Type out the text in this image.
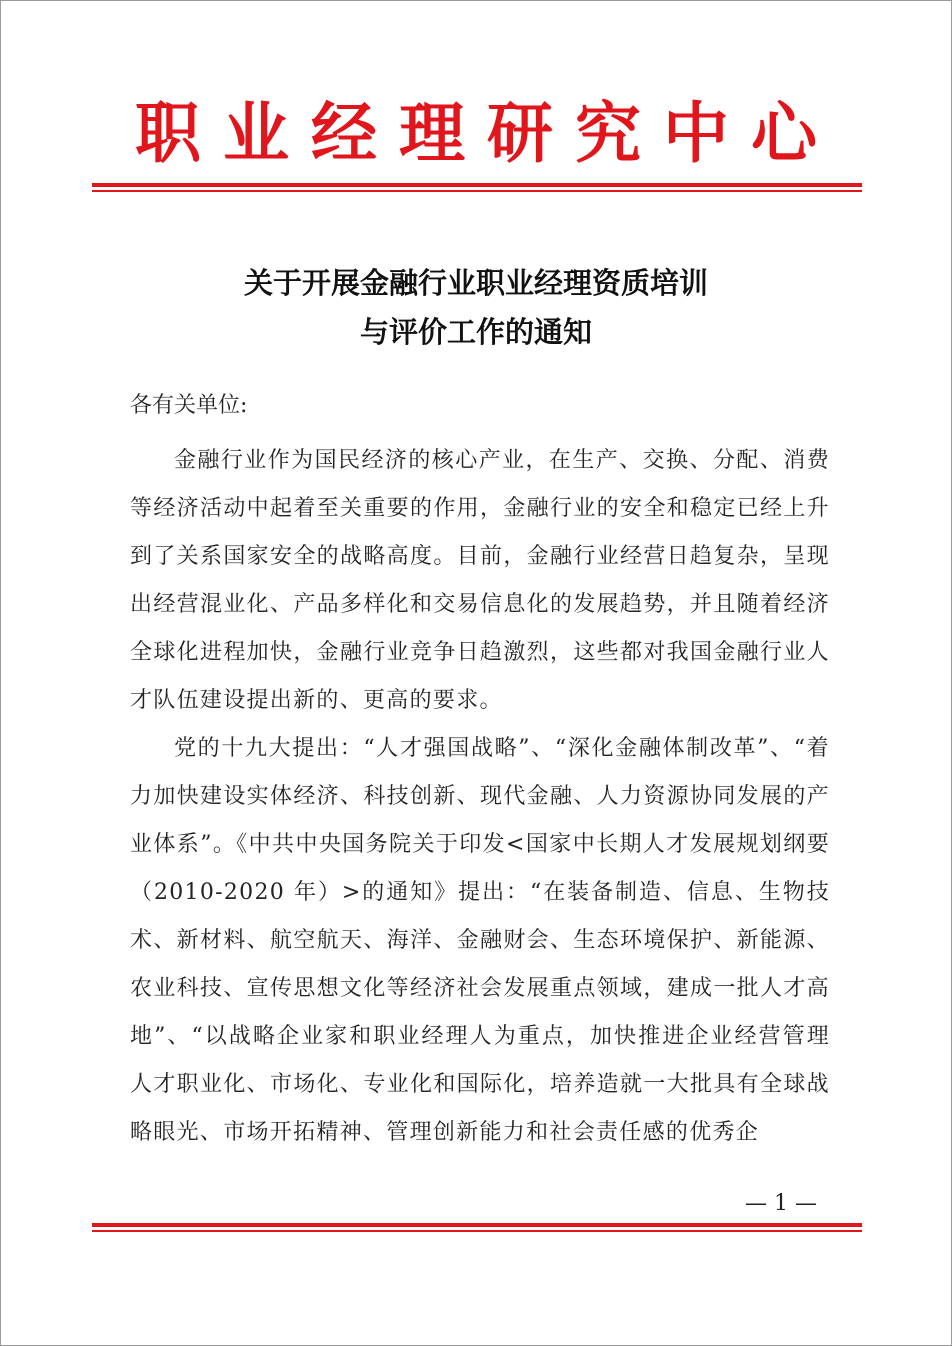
职业经理研究中心
关于开展金融行业职业经理资质培训
与评价工作的通知
各有关单位:

金融行业作为国民经济的核心产业，在生产、交换、分配、消费等经济活动中起着至关重要的作用，金融行业的安全和稳定已经上升到了关系国家安全的战略高度。目前，金融行业经营日趋复杂，呈现出经营混业化、产品多样化和交易信息化的发展趋势，并且随着经济全球化进程加快，金融行业竞争日趋激烈，这些都对我国金融行业人才队伍建设提出新的、更高的要求。

党的十九大提出：“人才强国战略”、“深化金融体制改革”、“着力加快建设实体经济、科技创新、现代金融、人力资源协同发展的产业体系”。《中共中央国务院关于印发<国家中长期人才发展规划纲要（2010-2020 年）>的通知》提出：“在装备制造、信息、生物技术、新材料、航空航天、海洋、金融财会、生态环境保护、新能源、农业科技、宣传思想文化等经济社会发展重点领域，建成一批人才高地”、“以战略企业家和职业经理人为重点，加快推进企业经营管理人才职业化、市场化、专业化和国际化，培养造就一大批具有全球战略眼光、市场开拓精神、管理创新能力和社会责任感的优秀企

— 1 —
